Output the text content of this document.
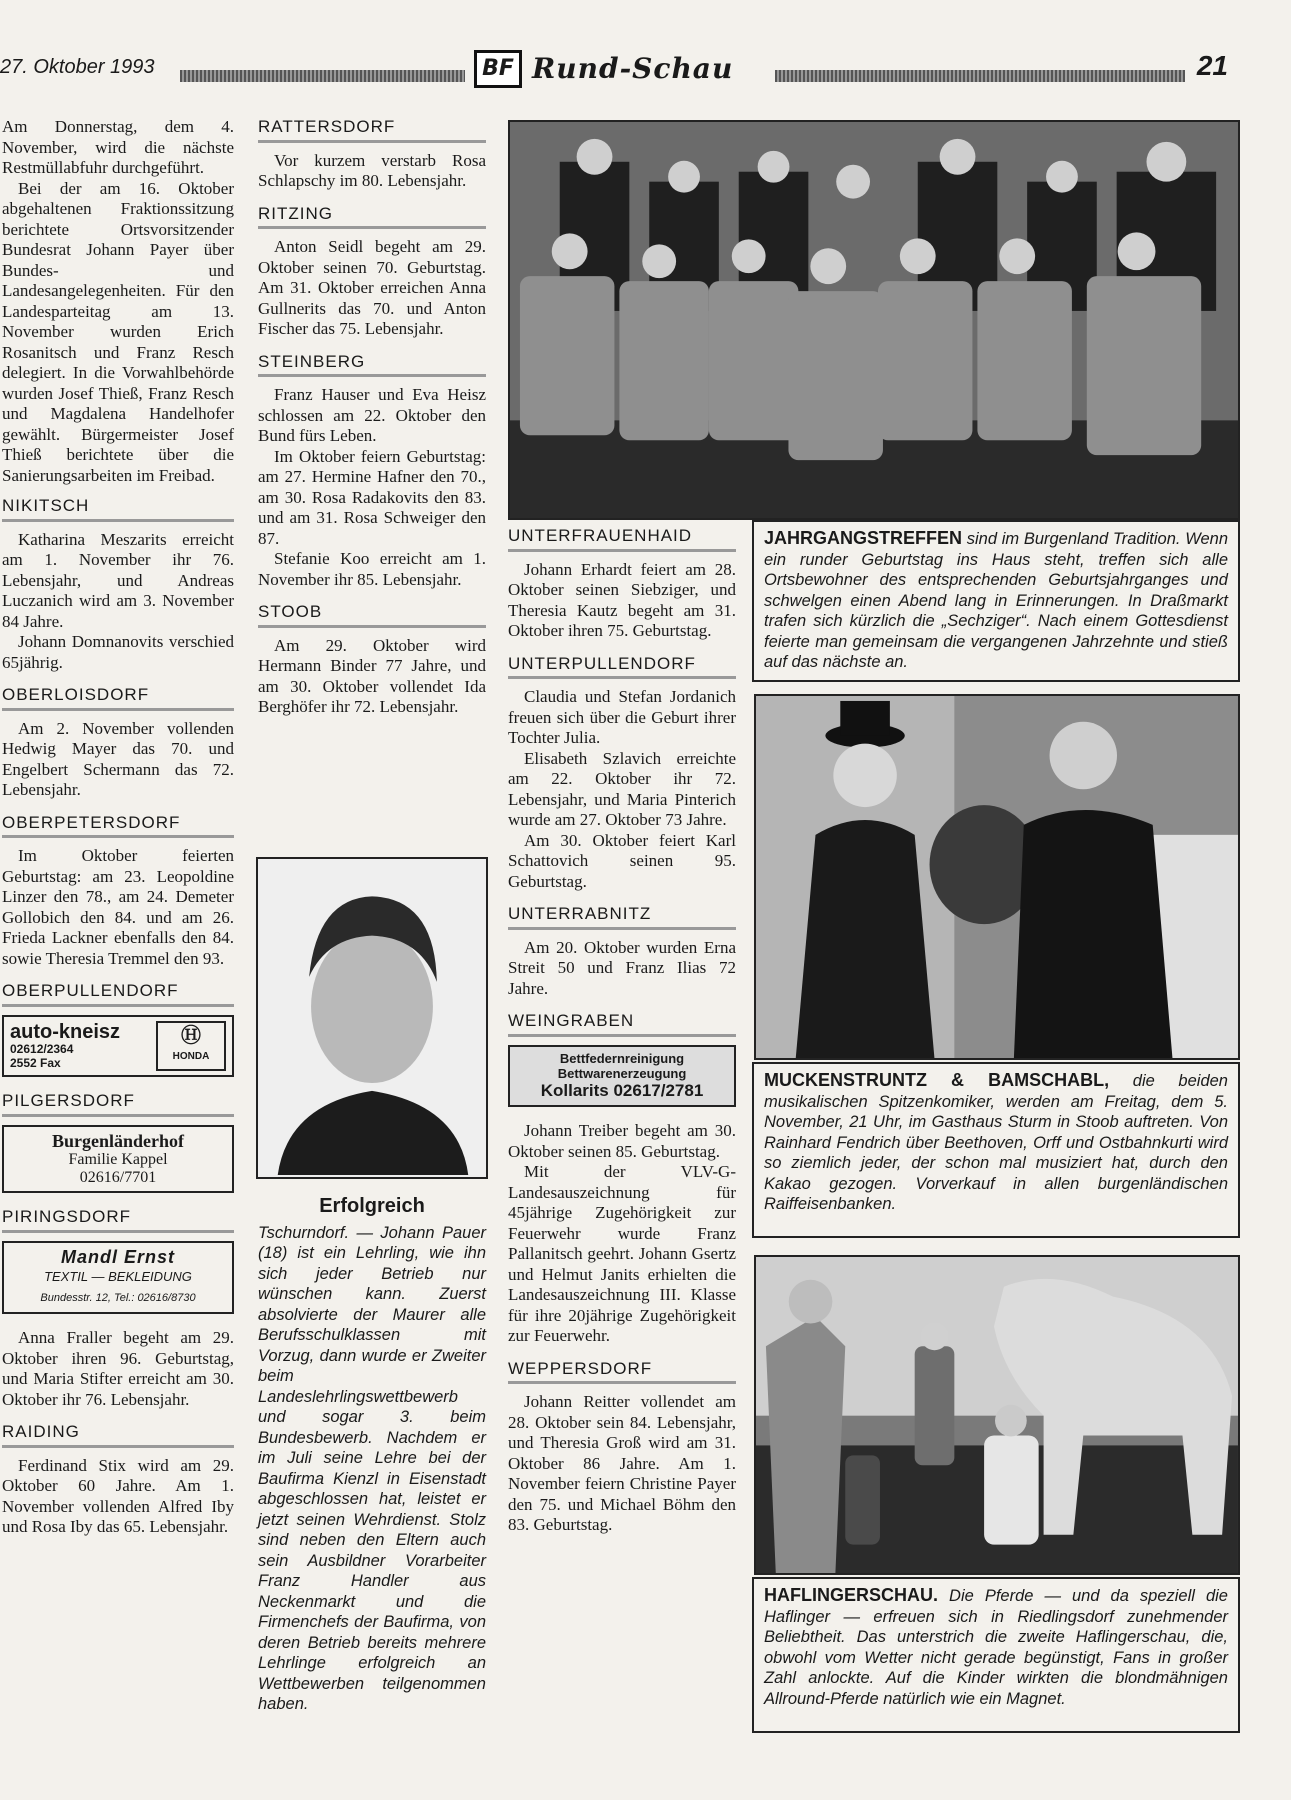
27. Oktober 1993	BF Rund-Schau	21

Am Donnerstag, dem 4. November, wird die nächste Restmüllabfuhr durchgeführt.

Bei der am 16. Oktober abgehaltenen Fraktionssitzung berichtete Ortsvorsitzender Bundesrat Johann Payer über Bundes- und Landesangelegenheiten. Für den Landesparteitag am 13. November wurden Erich Rosanitsch und Franz Resch delegiert. In die Vorwahlbehörde wurden Josef Thieß, Franz Resch und Magdalena Handelhofer gewählt. Bürgermeister Josef Thieß berichtete über die Sanierungsarbeiten im Freibad.

NIKITSCH

Katharina Meszarits erreicht am 1. November ihr 76. Lebensjahr, und Andreas Luczanich wird am 3. November 84 Jahre.

Johann Domnanovits verschied 65jährig.

OBERLOISDORF

Am 2. November vollenden Hedwig Mayer das 70. und Engelbert Schermann das 72. Lebensjahr.

OBERPETERSDORF

Im Oktober feierten Geburtstag: am 23. Leopoldine Linzer den 78., am 24. Demeter Gollobich den 84. und am 26. Frieda Lackner ebenfalls den 84. sowie Theresia Tremmel den 93.

OBERPULLENDORF
auto-kneisz
02612/2364
2552 Fax
Ⓗ
HONDA
PILGERSDORF
Burgenländerhof
Familie Kappel
02616/7701
PIRINGSDORF
Mandl Ernst
TEXTIL — BEKLEIDUNG
Bundesstr. 12, Tel.: 02616/8730

Anna Fraller begeht am 29. Oktober ihren 96. Geburtstag, und Maria Stifter erreicht am 30. Oktober ihr 76. Lebensjahr.

RAIDING

Ferdinand Stix wird am 29. Oktober 60 Jahre. Am 1. November vollenden Alfred Iby und Rosa Iby das 65. Lebensjahr.

RATTERSDORF

Vor kurzem verstarb Rosa Schlapschy im 80. Lebensjahr.

RITZING

Anton Seidl begeht am 29. Oktober seinen 70. Geburtstag. Am 31. Oktober erreichen Anna Gullnerits das 70. und Anton Fischer das 75. Lebensjahr.

STEINBERG

Franz Hauser und Eva Heisz schlossen am 22. Oktober den Bund fürs Leben.

Im Oktober feiern Geburtstag: am 27. Hermine Hafner den 70., am 30. Rosa Radakovits den 83. und am 31. Rosa Schweiger den 87.

Stefanie Koo erreicht am 1. November ihr 85. Lebensjahr.

STOOB

Am 29. Oktober wird Hermann Binder 77 Jahre, und am 30. Oktober vollendet Ida Berghöfer ihr 72. Lebensjahr.

Erfolgreich
Tschurndorf. — Johann Pauer (18) ist ein Lehrling, wie ihn sich jeder Betrieb nur wünschen kann. Zuerst absolvierte der Maurer alle Berufsschulklassen mit Vorzug, dann wurde er Zweiter beim Landeslehrlingswettbewerb und sogar 3. beim Bundesbewerb. Nachdem er im Juli seine Lehre bei der Baufirma Kienzl in Eisenstadt abgeschlossen hat, leistet er jetzt seinen Wehrdienst. Stolz sind neben den Eltern auch sein Ausbildner Vorarbeiter Franz Handler aus Neckenmarkt und die Firmenchefs der Baufirma, von deren Betrieb bereits mehrere Lehrlinge erfolgreich an Wettbewerben teilgenommen haben.
UNTERFRAUENHAID

Johann Erhardt feiert am 28. Oktober seinen Siebziger, und Theresia Kautz begeht am 31. Oktober ihren 75. Geburtstag.

UNTERPULLENDORF

Claudia und Stefan Jordanich freuen sich über die Geburt ihrer Tochter Julia.

Elisabeth Szlavich erreichte am 22. Oktober ihr 72. Lebensjahr, und Maria Pinterich wurde am 27. Oktober 73 Jahre.

Am 30. Oktober feiert Karl Schattovich seinen 95. Geburtstag.

UNTERRABNITZ

Am 20. Oktober wurden Erna Streit 50 und Franz Ilias 72 Jahre.

WEINGRABEN
Bettfedernreinigung
Bettwarenerzeugung
Kollarits 02617/2781

Johann Treiber begeht am 30. Oktober seinen 85. Geburtstag.

Mit der VLV-G-Landesauszeichnung für 45jährige Zugehörigkeit zur Feuerwehr wurde Franz Pallanitsch geehrt. Johann Gsertz und Helmut Janits erhielten die Landesauszeichnung III. Klasse für ihre 20jährige Zugehörigkeit zur Feuerwehr.

WEPPERSDORF

Johann Reitter vollendet am 28. Oktober sein 84. Lebensjahr, und Theresia Groß wird am 31. Oktober 86 Jahre. Am 1. November feiern Christine Payer den 75. und Michael Böhm den 83. Geburtstag.

JAHRGANGSTREFFEN sind im Burgenland Tradition. Wenn ein runder Geburtstag ins Haus steht, treffen sich alle Ortsbewohner des entsprechenden Geburtsjahrganges und schwelgen einen Abend lang in Erinnerungen. In Draßmarkt trafen sich kürzlich die „Sechziger“. Nach einem Gottesdienst feierte man gemeinsam die vergangenen Jahrzehnte und stieß auf das nächste an.
MUCKENSTRUNTZ & BAMSCHABL, die beiden musikalischen Spitzenkomiker, werden am Freitag, dem 5. November, 21 Uhr, im Gasthaus Sturm in Stoob auftreten. Von Rainhard Fendrich über Beethoven, Orff und Ostbahnkurti wird so ziemlich jeder, der schon mal musiziert hat, durch den Kakao gezogen. Vorverkauf in allen burgenländischen Raiffeisenbanken.
HAFLINGERSCHAU. Die Pferde — und da speziell die Haflinger — erfreuen sich in Riedlingsdorf zunehmender Beliebtheit. Das unterstrich die zweite Haflingerschau, die, obwohl vom Wetter nicht gerade begünstigt, Fans in großer Zahl anlockte. Auf die Kinder wirkten die blondmähnigen Allround-Pferde natürlich wie ein Magnet.
